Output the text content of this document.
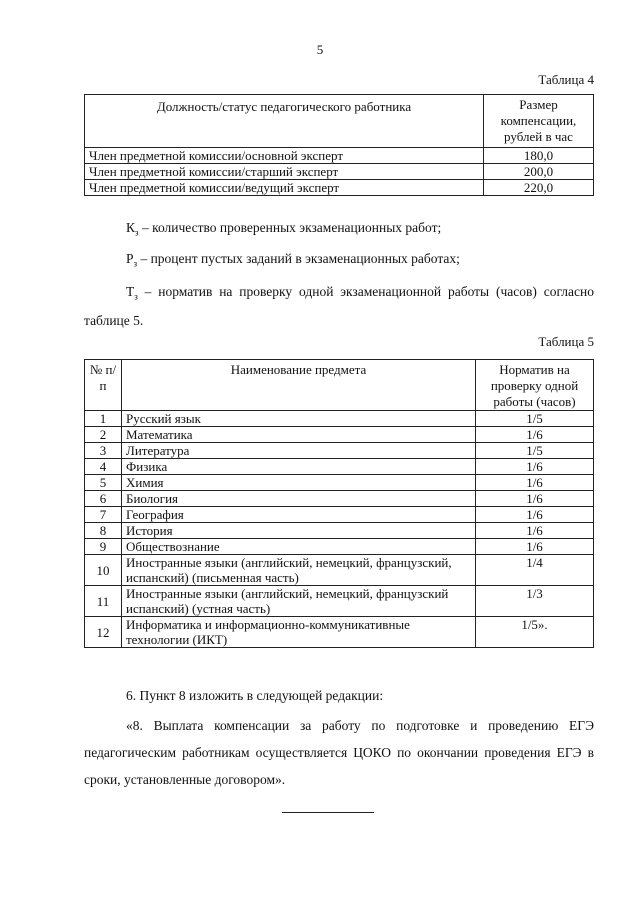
5
Таблица 4
Должность/статус педагогического работника	Размер компенсации, рублей в час
Член предметной комиссии/основной эксперт	180,0
Член предметной комиссии/старший эксперт	200,0
Член предметной комиссии/ведущий эксперт	220,0
$К_з$ – количество проверенных экзаменационных работ;
$Р_з$ – процент пустых заданий в экзаменационных работах;
$Т_з$ – норматив на проверку одной экзаменационной работы (часов) согласно таблице 5.
Таблица 5
№ п/п	Наименование предмета	Норматив на проверку одной работы (часов)
1	Русский язык	1/5
2	Математика	1/6
3	Литература	1/5
4	Физика	1/6
5	Химия	1/6
6	Биология	1/6
7	География	1/6
8	История	1/6
9	Обществознание	1/6
10	Иностранные языки (английский, немецкий, французский, испанский) (письменная часть)	1/4
11	Иностранные языки (английский, немецкий, французский испанский) (устная часть)	1/3
12	Информатика и информационно-коммуникативные технологии (ИКТ)	1/5».
6. Пункт 8 изложить в следующей редакции:
«8. Выплата компенсации за работу по подготовке и проведению ЕГЭ педагогическим работникам осуществляется ЦОКО по окончании проведения ЕГЭ в сроки, установленные договором».
